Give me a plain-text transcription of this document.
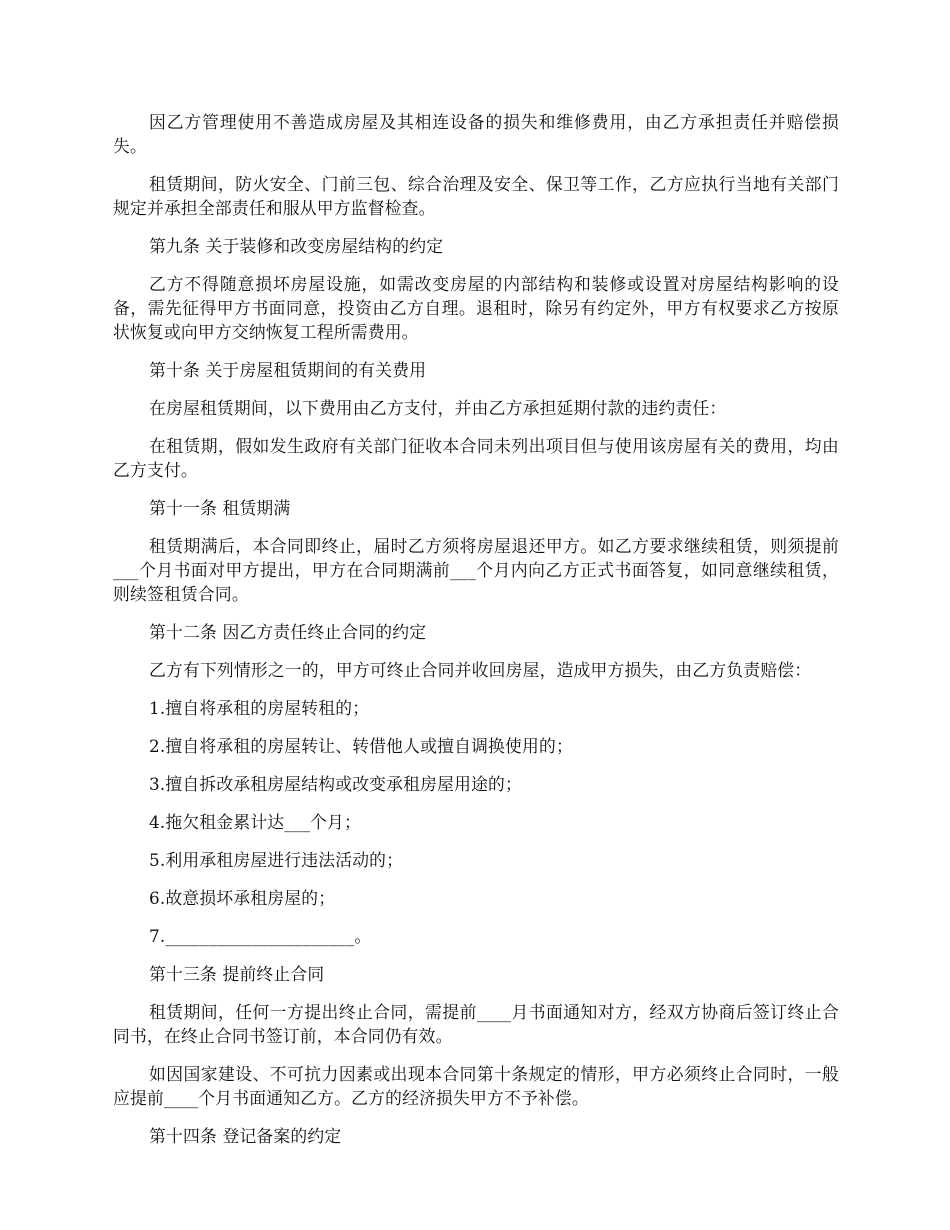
因乙方管理使用不善造成房屋及其相连设备的损失和维修费用，由乙方承担责任并赔偿损失。

租赁期间，防火安全、门前三包、综合治理及安全、保卫等工作，乙方应执行当地有关部门规定并承担全部责任和服从甲方监督检查。

第九条 关于装修和改变房屋结构的约定

乙方不得随意损坏房屋设施，如需改变房屋的内部结构和装修或设置对房屋结构影响的设备，需先征得甲方书面同意，投资由乙方自理。退租时，除另有约定外，甲方有权要求乙方按原状恢复或向甲方交纳恢复工程所需费用。

第十条 关于房屋租赁期间的有关费用

在房屋租赁期间，以下费用由乙方支付，并由乙方承担延期付款的违约责任：

在租赁期，假如发生政府有关部门征收本合同未列出项目但与使用该房屋有关的费用，均由乙方支付。

第十一条 租赁期满

租赁期满后，本合同即终止，届时乙方须将房屋退还甲方。如乙方要求继续租赁，则须提前___个月书面对甲方提出，甲方在合同期满前___个月内向乙方正式书面答复，如同意继续租赁，则续签租赁合同。

第十二条 因乙方责任终止合同的约定

乙方有下列情形之一的，甲方可终止合同并收回房屋，造成甲方损失，由乙方负责赔偿：

1.擅自将承租的房屋转租的；

2.擅自将承租的房屋转让、转借他人或擅自调换使用的；

3.擅自拆改承租房屋结构或改变承租房屋用途的；

4.拖欠租金累计达___个月；

5.利用承租房屋进行违法活动的；

6.故意损坏承租房屋的；

7.______________________。

第十三条 提前终止合同

租赁期间，任何一方提出终止合同，需提前____月书面通知对方，经双方协商后签订终止合同书，在终止合同书签订前，本合同仍有效。

如因国家建设、不可抗力因素或出现本合同第十条规定的情形，甲方必须终止合同时，一般应提前____个月书面通知乙方。乙方的经济损失甲方不予补偿。

第十四条 登记备案的约定
